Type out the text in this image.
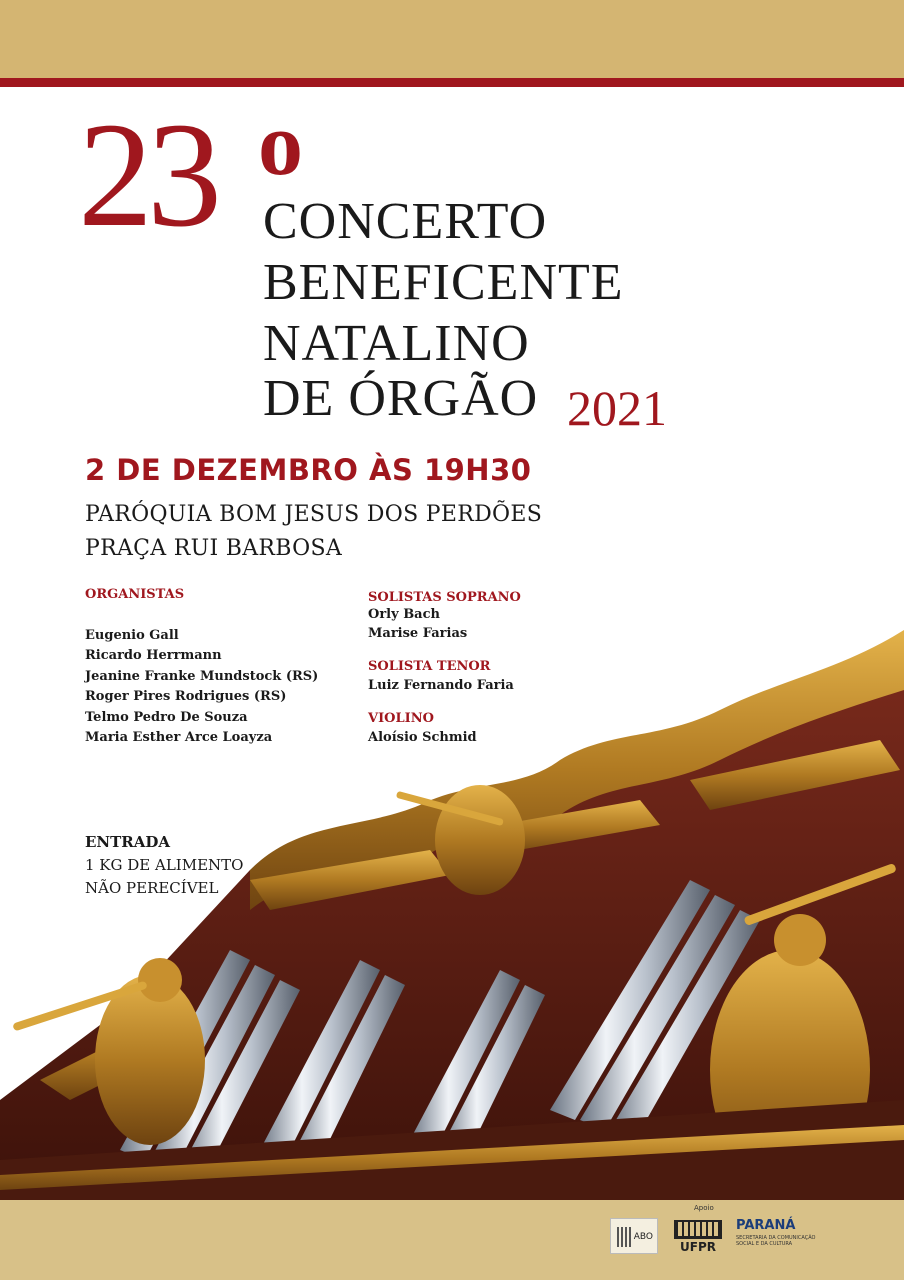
23 o
CONCERTO
BENEFICENTE
NATALINO
DE ÓRGÃO 2021
2 DE DEZEMBRO ÀS 19H30
PARÓQUIA BOM JESUS DOS PERDÕES
PRAÇA RUI BARBOSA
ORGANISTAS
Eugenio Gall
Ricardo Herrmann
Jeanine Franke Mundstock (RS)
Roger Pires Rodrigues (RS)
Telmo Pedro De Souza
Maria Esther Arce Loayza
SOLISTAS SOPRANO
Orly Bach
Marise Farias
SOLISTA TENOR
Luiz Fernando Faria
VIOLINO
Aloísio Schmid
ENTRADA
1 KG DE ALIMENTO
NÃO PERECÍVEL
Apoio
ABO
UFPR
PARANÁ
SECRETARIA DA COMUNICAÇÃO SOCIAL E DA CULTURA
